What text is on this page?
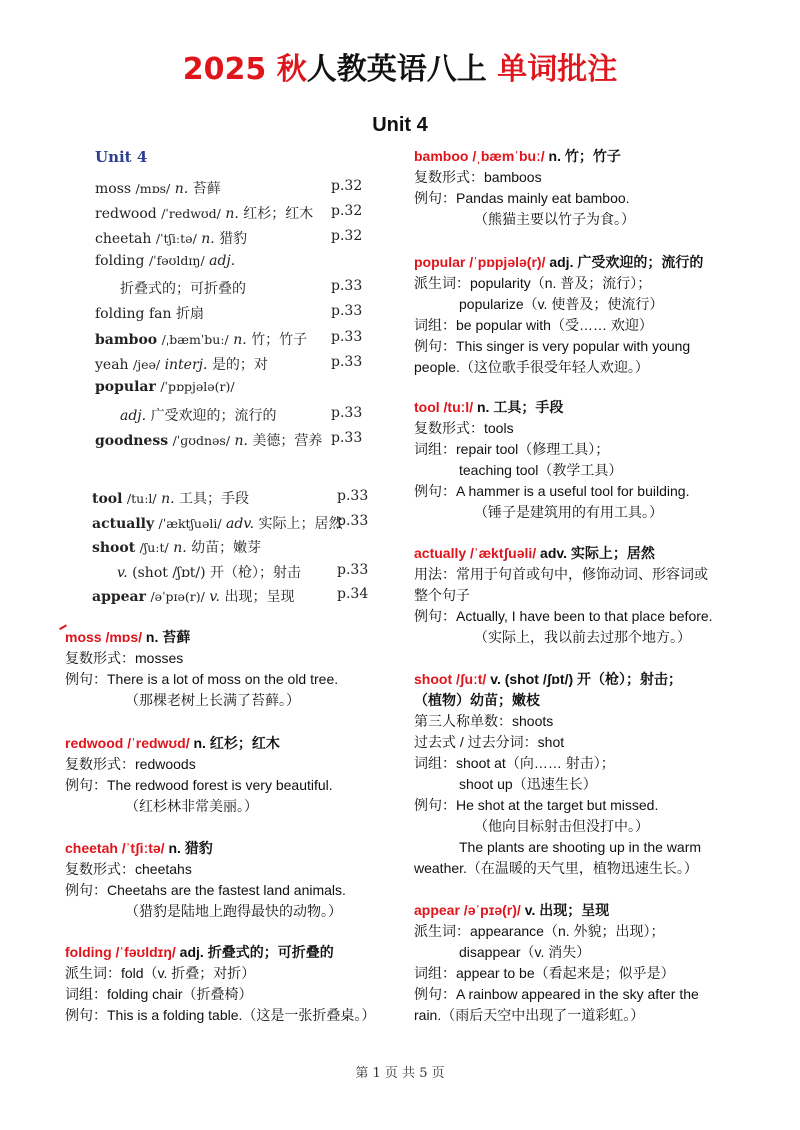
2025 秋人教英语八上 单词批注
Unit 4
Unit 4
moss /mɒs/ n. 苔藓	p.32
redwood /ˈredwʊd/ n. 红杉；红木 p.32
cheetah /ˈtʃiːtə/ n. 猎豹	p.32
folding /ˈfəʊldɪŋ/ adj.
折叠式的；可折叠的	p.33
folding fan 折扇	p.33
bamboo /ˌbæmˈbuː/ n. 竹；竹子 p.33
yeah /jeə/ interj. 是的；对	p.33
popular /ˈpɒpjələ(r)/
adj. 广受欢迎的；流行的	p.33
goodness /ˈɡʊdnəs/ n. 美德；营养 p.33
tool /tuːl/ n. 工具；手段	p.33
actually /ˈæktʃuəli/ adv. 实际上；居然
p.33
shoot /ʃuːt/ n. 幼苗；嫩芽
v. (shot /ʃɒt/) 开（枪）；射击	p.33
appear /əˈpɪə(r)/ v. 出现；呈现	p.34
moss /mɒs/ n. 苔藓
复数形式：mosses
例句：There is a lot of moss on the old tree.
（那棵老树上长满了苔藓。）
redwood /ˈredwʊd/ n. 红杉；红木
复数形式：redwoods
例句：The redwood forest is very beautiful.
（红杉林非常美丽。）
cheetah /ˈtʃiːtə/ n. 猎豹
复数形式：cheetahs
例句：Cheetahs are the fastest land animals.
（猎豹是陆地上跑得最快的动物。）
folding /ˈfəʊldɪŋ/ adj. 折叠式的；可折叠的
派生词：fold（v. 折叠；对折）
词组：folding chair（折叠椅）
例句：This is a folding table.（这是一张折叠桌。）
bamboo /ˌbæmˈbuː/ n. 竹；竹子
复数形式：bamboos
例句：Pandas mainly eat bamboo.
（熊猫主要以竹子为食。）
popular /ˈpɒpjələ(r)/ adj. 广受欢迎的；流行的
派生词：popularity（n. 普及；流行）；
popularize（v. 使普及；使流行）
词组：be popular with（受…… 欢迎）
例句：This singer is very popular with young
people.（这位歌手很受年轻人欢迎。）
tool /tuːl/ n. 工具；手段
复数形式：tools
词组：repair tool（修理工具）；
teaching tool（教学工具）
例句：A hammer is a useful tool for building.
（锤子是建筑用的有用工具。）
actually /ˈæktʃuəli/ adv. 实际上；居然
用法：常用于句首或句中，修饰动词、形容词或
整个句子
例句：Actually, I have been to that place before.
（实际上，我以前去过那个地方。）
shoot /ʃuːt/ v. (shot /ʃɒt/) 开（枪）；射击；
（植物）幼苗；嫩枝
第三人称单数：shoots
过去式 / 过去分词：shot
词组：shoot at（向…… 射击）；
shoot up（迅速生长）
例句：He shot at the target but missed.
（他向目标射击但没打中。）
The plants are shooting up in the warm
weather.（在温暖的天气里，植物迅速生长。）
appear /əˈpɪə(r)/ v. 出现；呈现
派生词：appearance（n. 外貌；出现）；
disappear（v. 消失）
词组：appear to be（看起来是；似乎是）
例句：A rainbow appeared in the sky after the
rain.（雨后天空中出现了一道彩虹。）
第 1 页 共 5 页
